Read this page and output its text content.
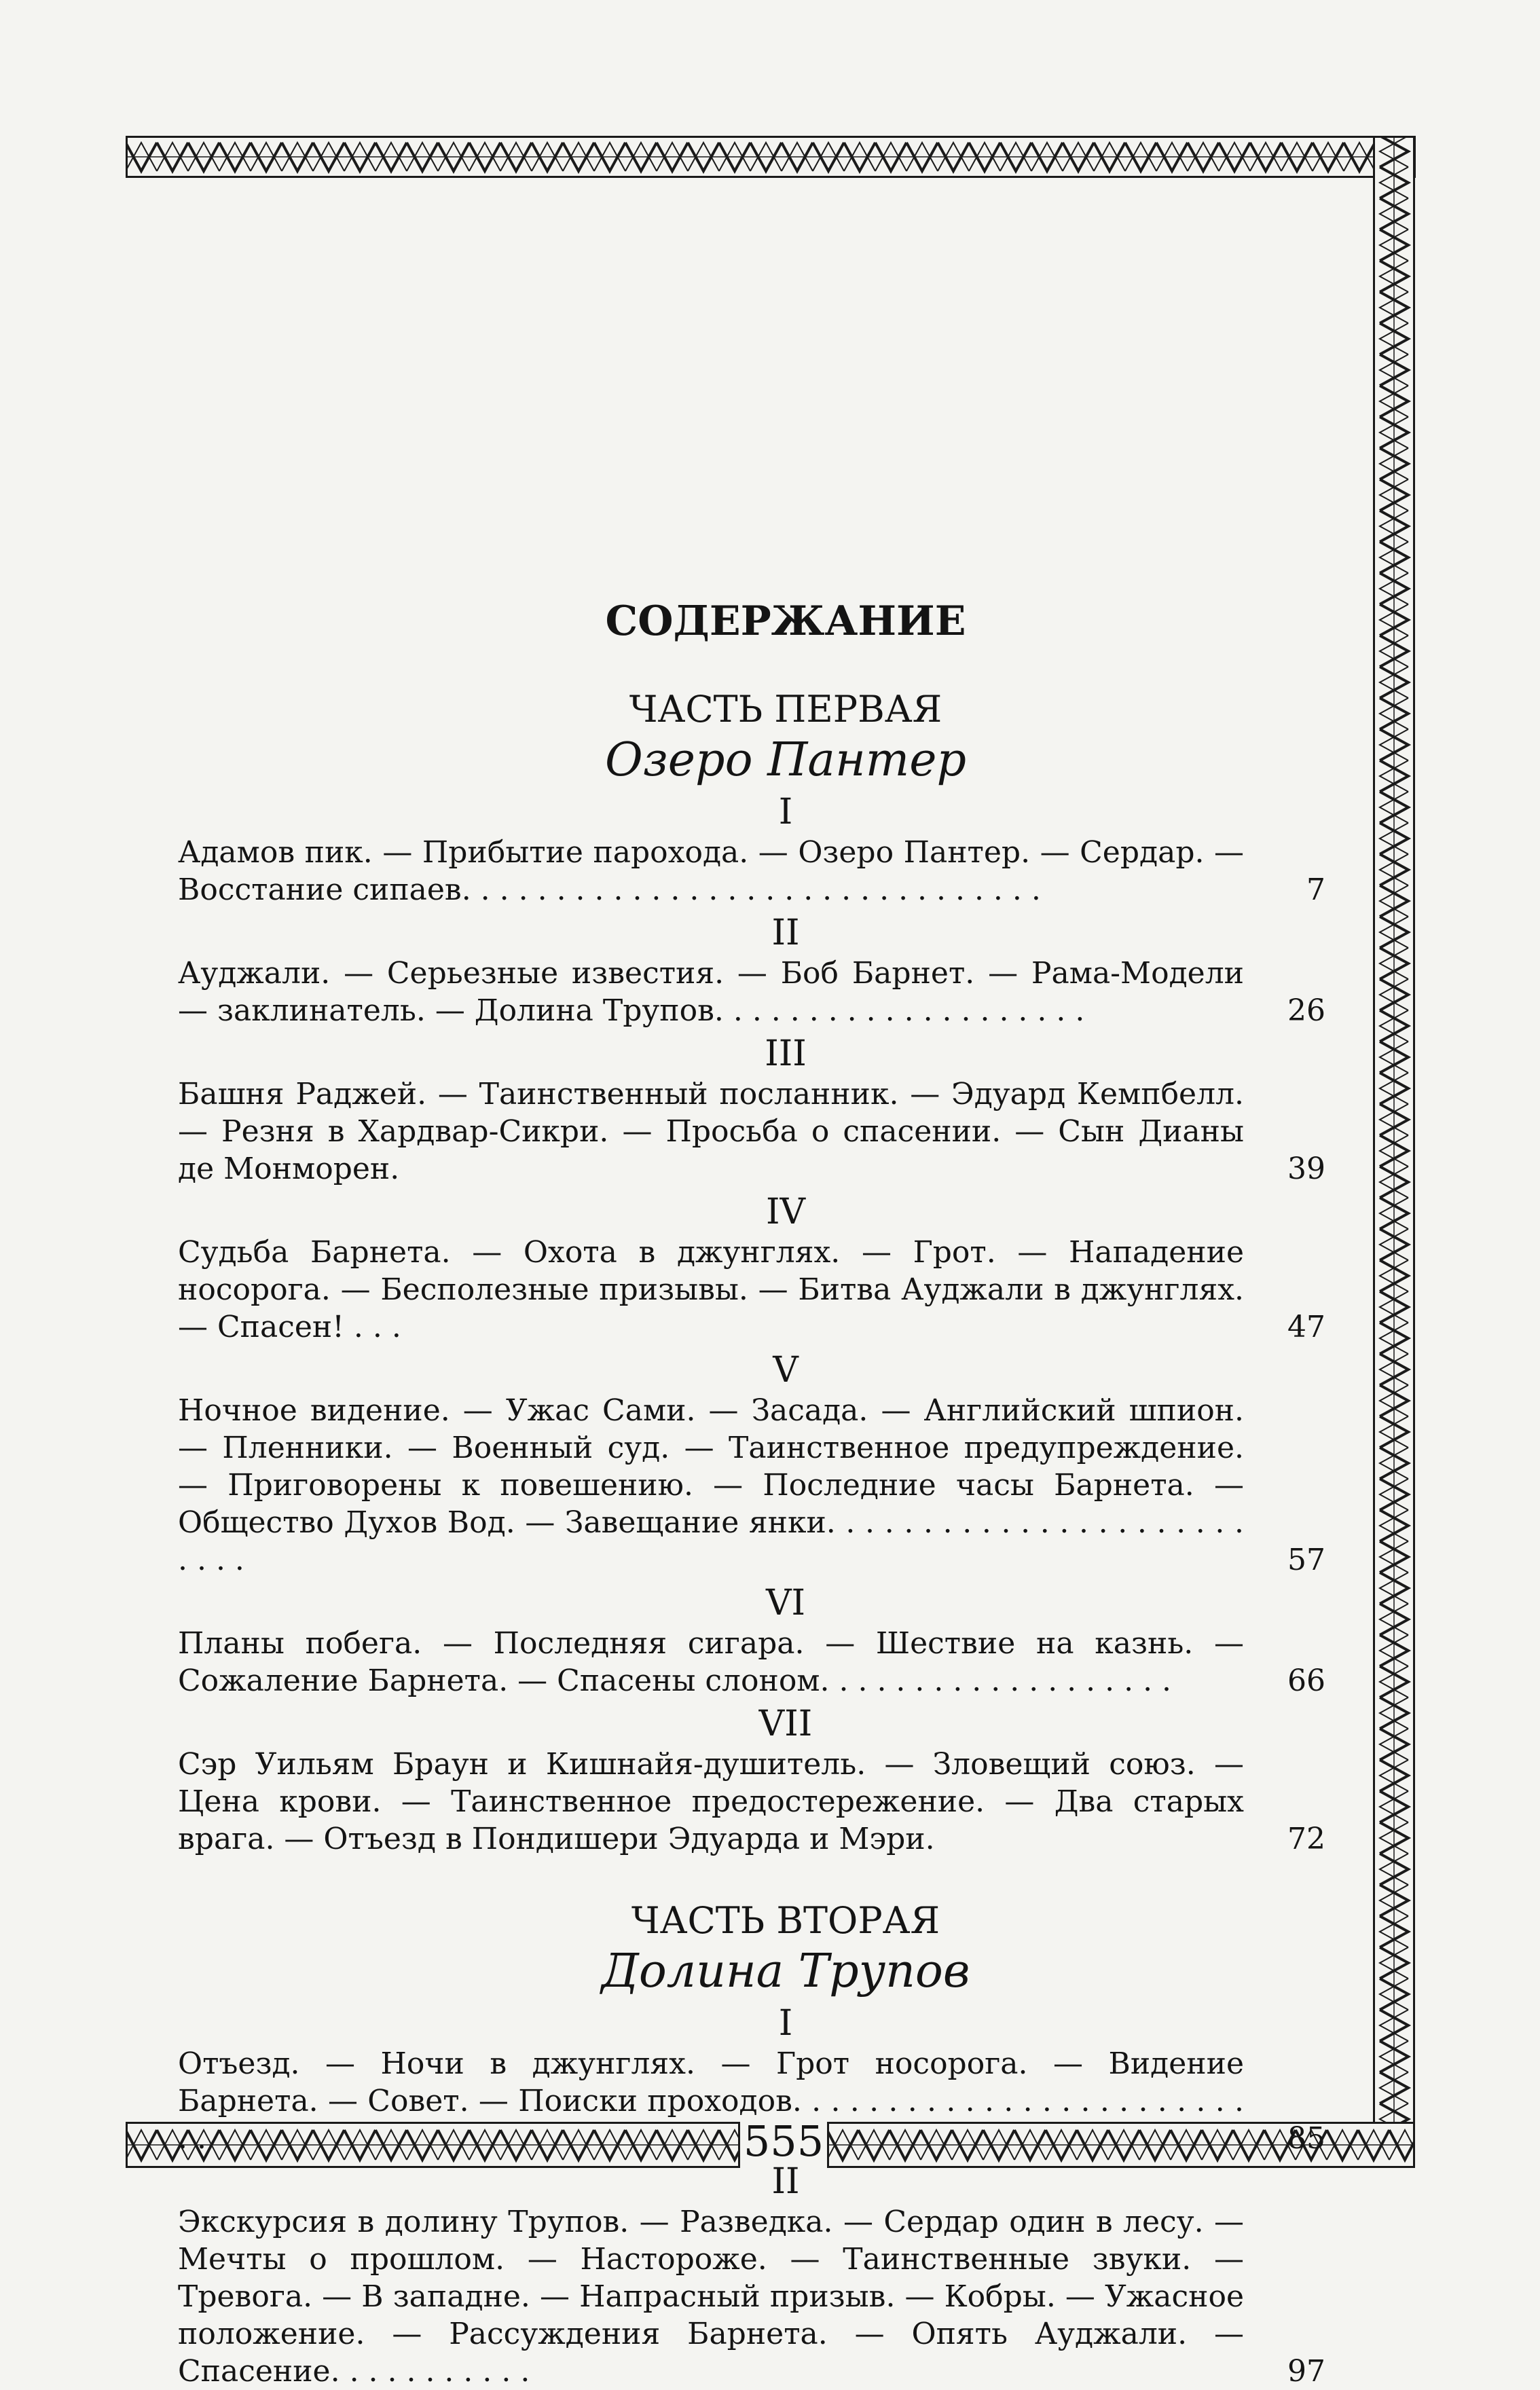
555
СОДЕРЖАНИЕ
ЧАСТЬ ПЕРВАЯ
Озеро Пантер
I
Адамов пик. — Прибытие парохода. — Озеро Пантер. — Сердар. — Восстание сипаев. . . . . . . . . . . . . . . . . . . . . . . . . . . . . . .	7
II
Ауджали. — Серьезные известия. — Боб Барнет. — Рама-Модели — заклинатель. — Долина Трупов. . . . . . . . . . . . . . . . . . . .	26
III
Башня Раджей. — Таинственный посланник. — Эдуард Кемпбелл. — Резня в Хардвар-Сикри. — Просьба о спасении. — Сын Дианы де Монморен.	39
IV
Судьба Барнета. — Охота в джунглях. — Грот. — Нападение носорога. — Бесполезные призывы. — Битва Ауджали в джунглях. — Спасен! . . .	47
V
Ночное видение. — Ужас Сами. — Засада. — Английский шпион. — Пленники. — Военный суд. — Таинственное предупреждение. — Приговорены к повешению. — Последние часы Барнета. — Общество Духов Вод. — Завещание янки. . . . . . . . . . . . . . . . . . . . . . . . . .	57
VI
Планы побега. — Последняя сигара. — Шествие на казнь. — Сожаление Барнета. — Спасены слоном. . . . . . . . . . . . . . . . . . .	66
VII
Сэр Уильям Браун и Кишнайя-душитель. — Зловещий союз. — Цена крови. — Таинственное предостережение. — Два старых врага. — Отъезд в Пондишери Эдуарда и Мэри.	72
ЧАСТЬ ВТОРАЯ
Долина Трупов
I
Отъезд. — Ночи в джунглях. — Грот носорога. — Видение Барнета. — Совет. — Поиски проходов. . . . . . . . . . . . . . . . . . . . . . . . . .	85
II
Экскурсия в долину Трупов. — Разведка. — Сердар один в лесу. — Мечты о прошлом. — Настороже. — Таинственные звуки. — Тревога. — В западне. — Напрасный призыв. — Кобры. — Ужасное положение. — Рассуждения Барнета. — Опять Ауджали. — Спасение. . . . . . . . . . .	97
